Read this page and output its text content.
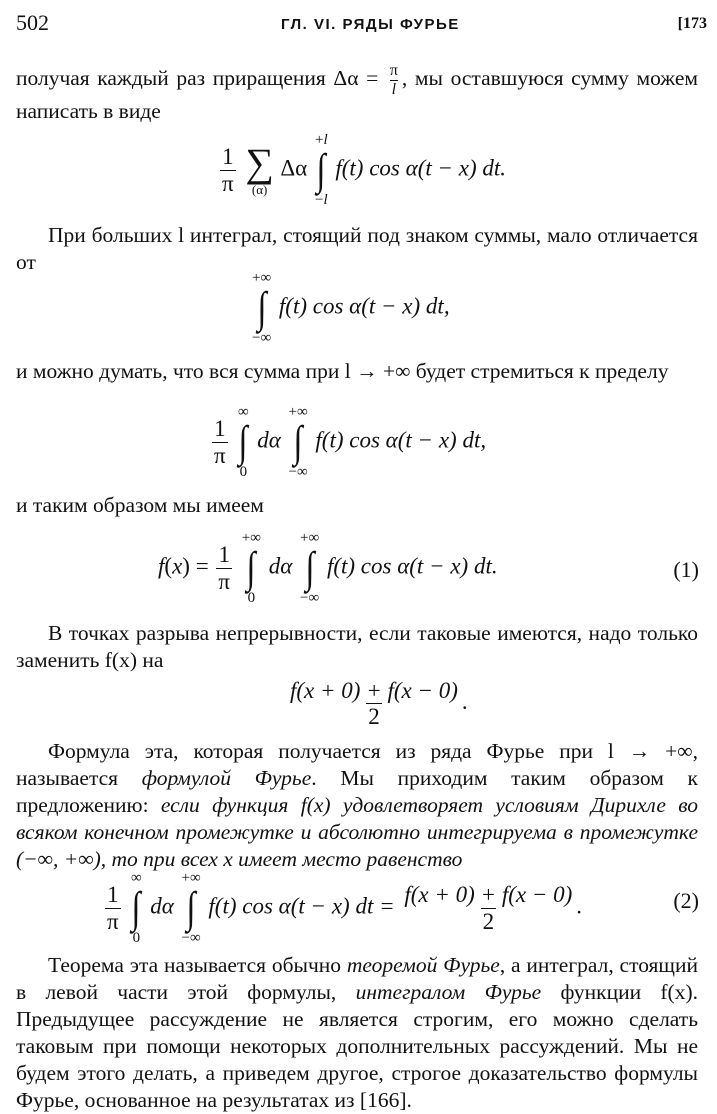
502	ГЛ. VI. РЯДЫ ФУРЬЕ	[173

получая каждый раз приращения $\Delta\alpha = \frac{\pi}{l}$ , мы оставшуюся сумму можем написать в виде

$\frac{1}{\pi}$
∑
(α)
Δα
+l
∫
−l
f(t) cos α(t − x) dt.

При больших l интеграл, стоящий под знаком суммы, мало отличается от

+∞
∫
−∞
f(t) cos α(t − x) dt,

и можно думать, что вся сумма при l → +∞ будет стремиться к пределу

$\frac{1}{\pi}$

∞
∫
0
dα
+∞
∫
−∞
f(t) cos α(t − x) dt,

и таким образом мы имеем

$f(x) = \frac{1}{\pi}$

+∞
∫
0
dα
+∞
∫
−∞
f(t) cos α(t − x) dt.	(1)

В точках разрыва непрерывности, если таковые имеются, надо только заменить f(x) на

$\frac{f(x + 0) + f(x - 0)}{2}$ .

Формула эта, которая получается из ряда Фурье при l → +∞, называется формулой Фурье. Мы приходим таким образом к предложению: если функция f(x) удовлетворяет условиям Дирихле во всяком конечном промежутке и абсолютно интегрируема в промежутке (−∞, +∞), то при всех x имеет место равенство

$\frac{1}{\pi}$

∞
∫
0
dα
+∞
∫
−∞
f(t) cos α(t − x) dt = $\frac{f(x + 0) + f(x - 0)}{2}$ .	(2)

Теорема эта называется обычно теоремой Фурье, а интеграл, стоящий в левой части этой формулы, интегралом Фурье функции f(x). Предыдущее рассуждение не является строгим, его можно сделать таковым при помощи некоторых дополнительных рассуждений. Мы не будем этого делать, а приведем другое, строгое доказательство формулы Фурье, основанное на результатах из [166].
